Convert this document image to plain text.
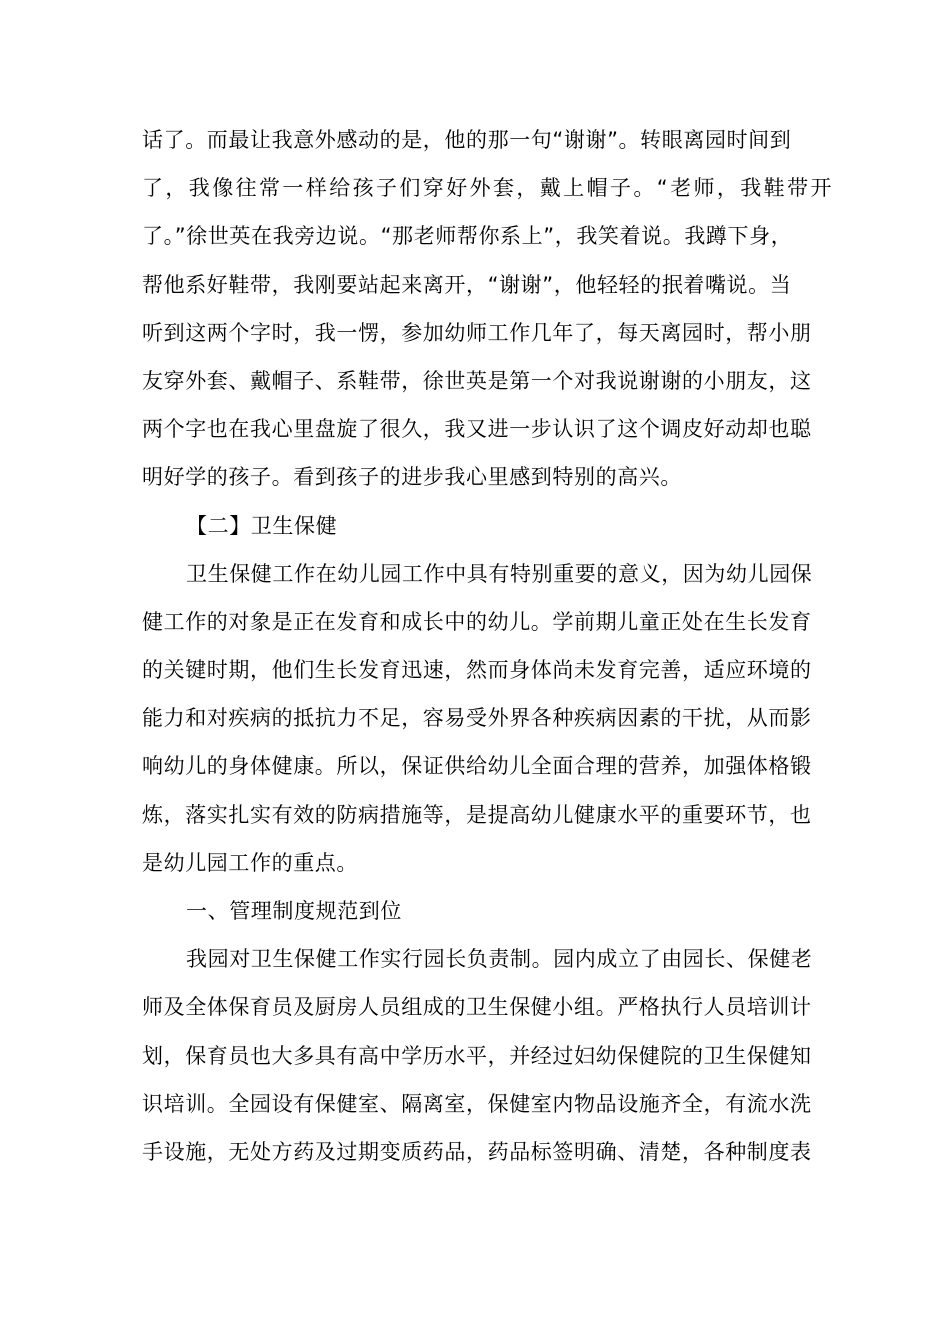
话了。而最让我意外感动的是，他的那一句“谢谢”。转眼离园时间到
了，我像往常一样给孩子们穿好外套，戴上帽子。“老师，我鞋带开
了。”徐世英在我旁边说。“那老师帮你系上”，我笑着说。我蹲下身，
帮他系好鞋带，我刚要站起来离开，“谢谢”，他轻轻的抿着嘴说。当
听到这两个字时，我一愣，参加幼师工作几年了，每天离园时，帮小朋
友穿外套、戴帽子、系鞋带，徐世英是第一个对我说谢谢的小朋友，这
两个字也在我心里盘旋了很久，我又进一步认识了这个调皮好动却也聪
明好学的孩子。看到孩子的进步我心里感到特别的高兴。
【二】卫生保健
卫生保健工作在幼儿园工作中具有特别重要的意义，因为幼儿园保
健工作的对象是正在发育和成长中的幼儿。学前期儿童正处在生长发育
的关键时期，他们生长发育迅速，然而身体尚未发育完善，适应环境的
能力和对疾病的抵抗力不足，容易受外界各种疾病因素的干扰，从而影
响幼儿的身体健康。所以，保证供给幼儿全面合理的营养，加强体格锻
炼，落实扎实有效的防病措施等，是提高幼儿健康水平的重要环节，也
是幼儿园工作的重点。
一、管理制度规范到位
我园对卫生保健工作实行园长负责制。园内成立了由园长、保健老
师及全体保育员及厨房人员组成的卫生保健小组。严格执行人员培训计
划，保育员也大多具有高中学历水平，并经过妇幼保健院的卫生保健知
识培训。全园设有保健室、隔离室，保健室内物品设施齐全，有流水洗
手设施，无处方药及过期变质药品，药品标签明确、清楚，各种制度表
